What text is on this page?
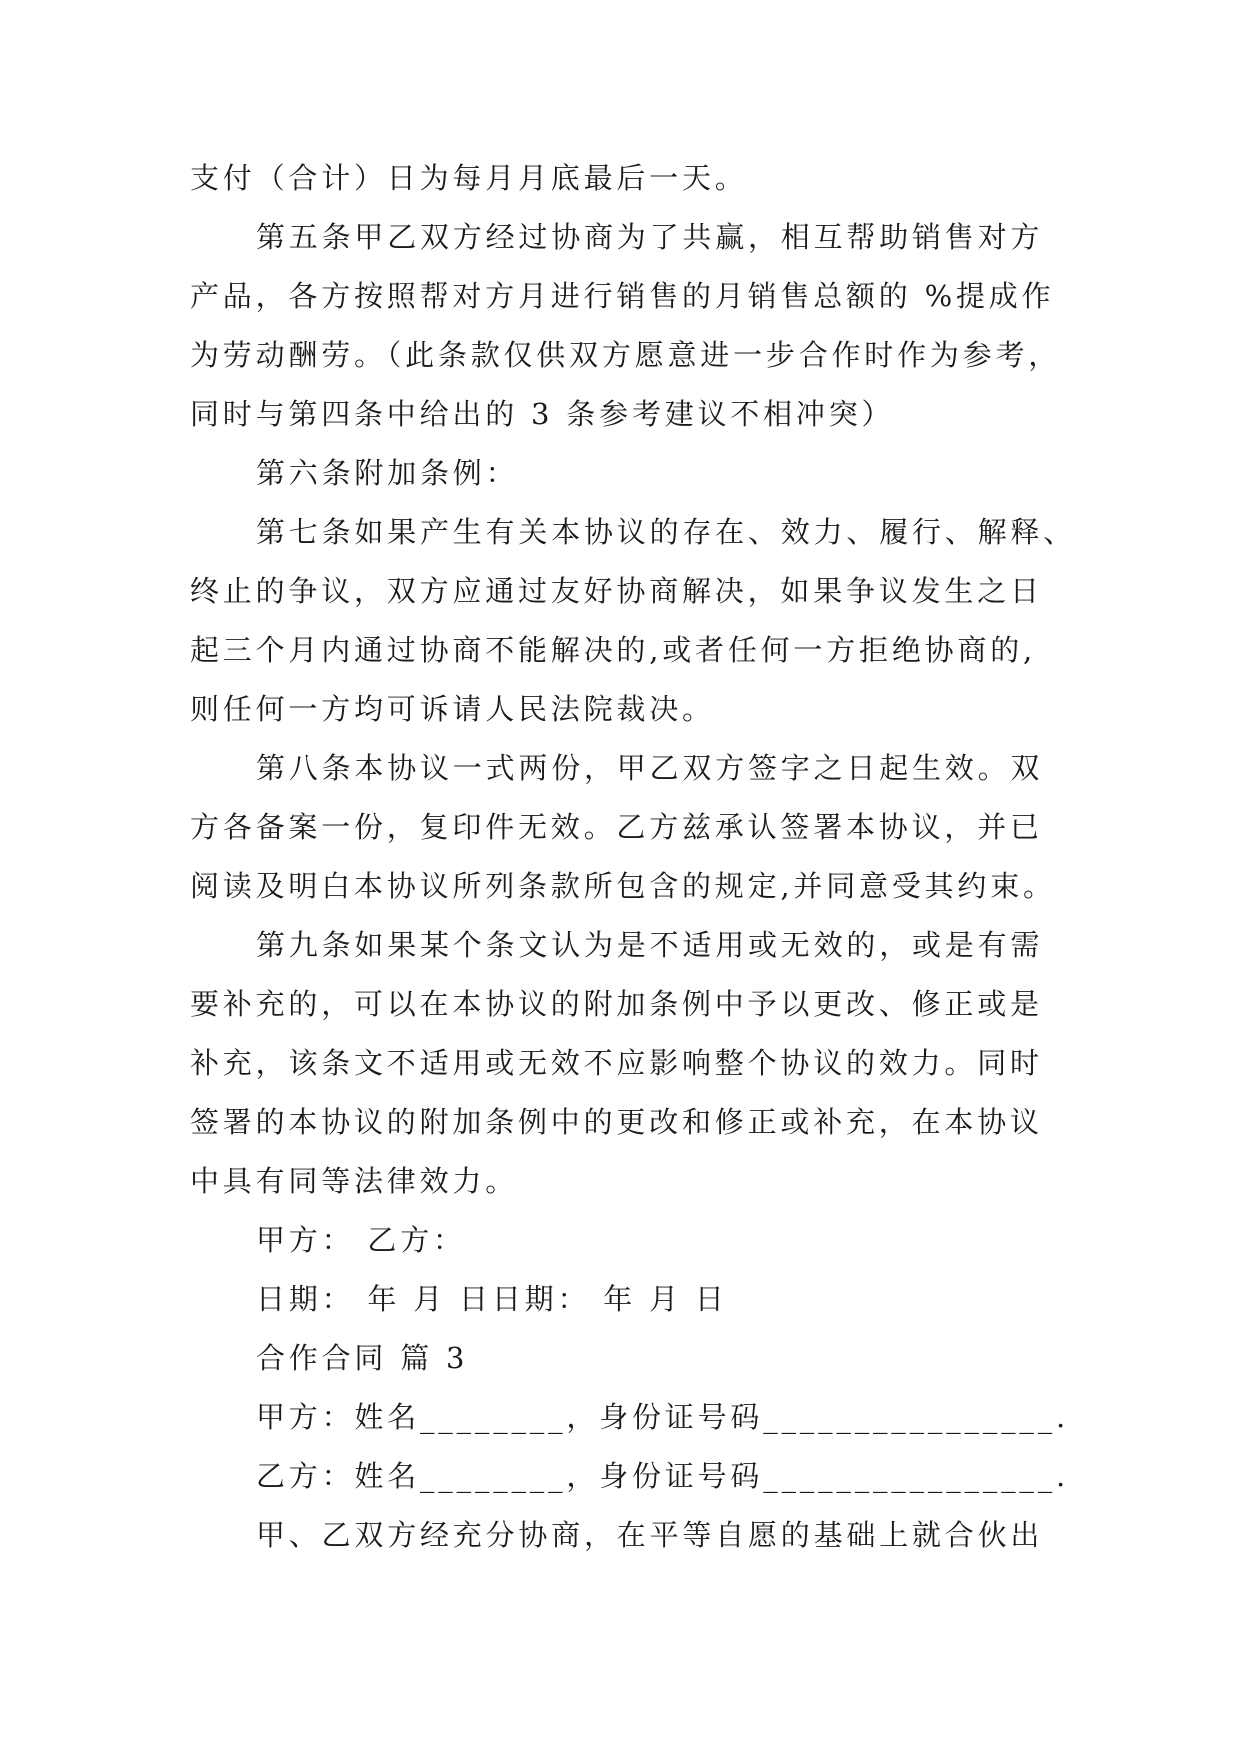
支付（合计）日为每月月底最后一天。
第五条甲乙双方经过协商为了共赢，相互帮助销售对方
产品，各方按照帮对方月进行销售的月销售总额的 %提成作
为劳动酬劳。（此条款仅供双方愿意进一步合作时作为参考，
同时与第四条中给出的 3 条参考建议不相冲突）
第六条附加条例：
第七条如果产生有关本协议的存在、效力、履行、解释、
终止的争议，双方应通过友好协商解决，如果争议发生之日
起三个月内通过协商不能解决的,或者任何一方拒绝协商的,
则任何一方均可诉请人民法院裁决。
第八条本协议一式两份，甲乙双方签字之日起生效。双
方各备案一份，复印件无效。乙方兹承认签署本协议，并已
阅读及明白本协议所列条款所包含的规定,并同意受其约束。
第九条如果某个条文认为是不适用或无效的，或是有需
要补充的，可以在本协议的附加条例中予以更改、修正或是
补充，该条文不适用或无效不应影响整个协议的效力。同时
签署的本协议的附加条例中的更改和修正或补充，在本协议
中具有同等法律效力。
甲方： 乙方：
日期： 年 月 日日期： 年 月 日
合作合同 篇 3
甲方：姓名________，身份证号码________________.
乙方：姓名________，身份证号码________________.
甲、乙双方经充分协商，在平等自愿的基础上就合伙出
